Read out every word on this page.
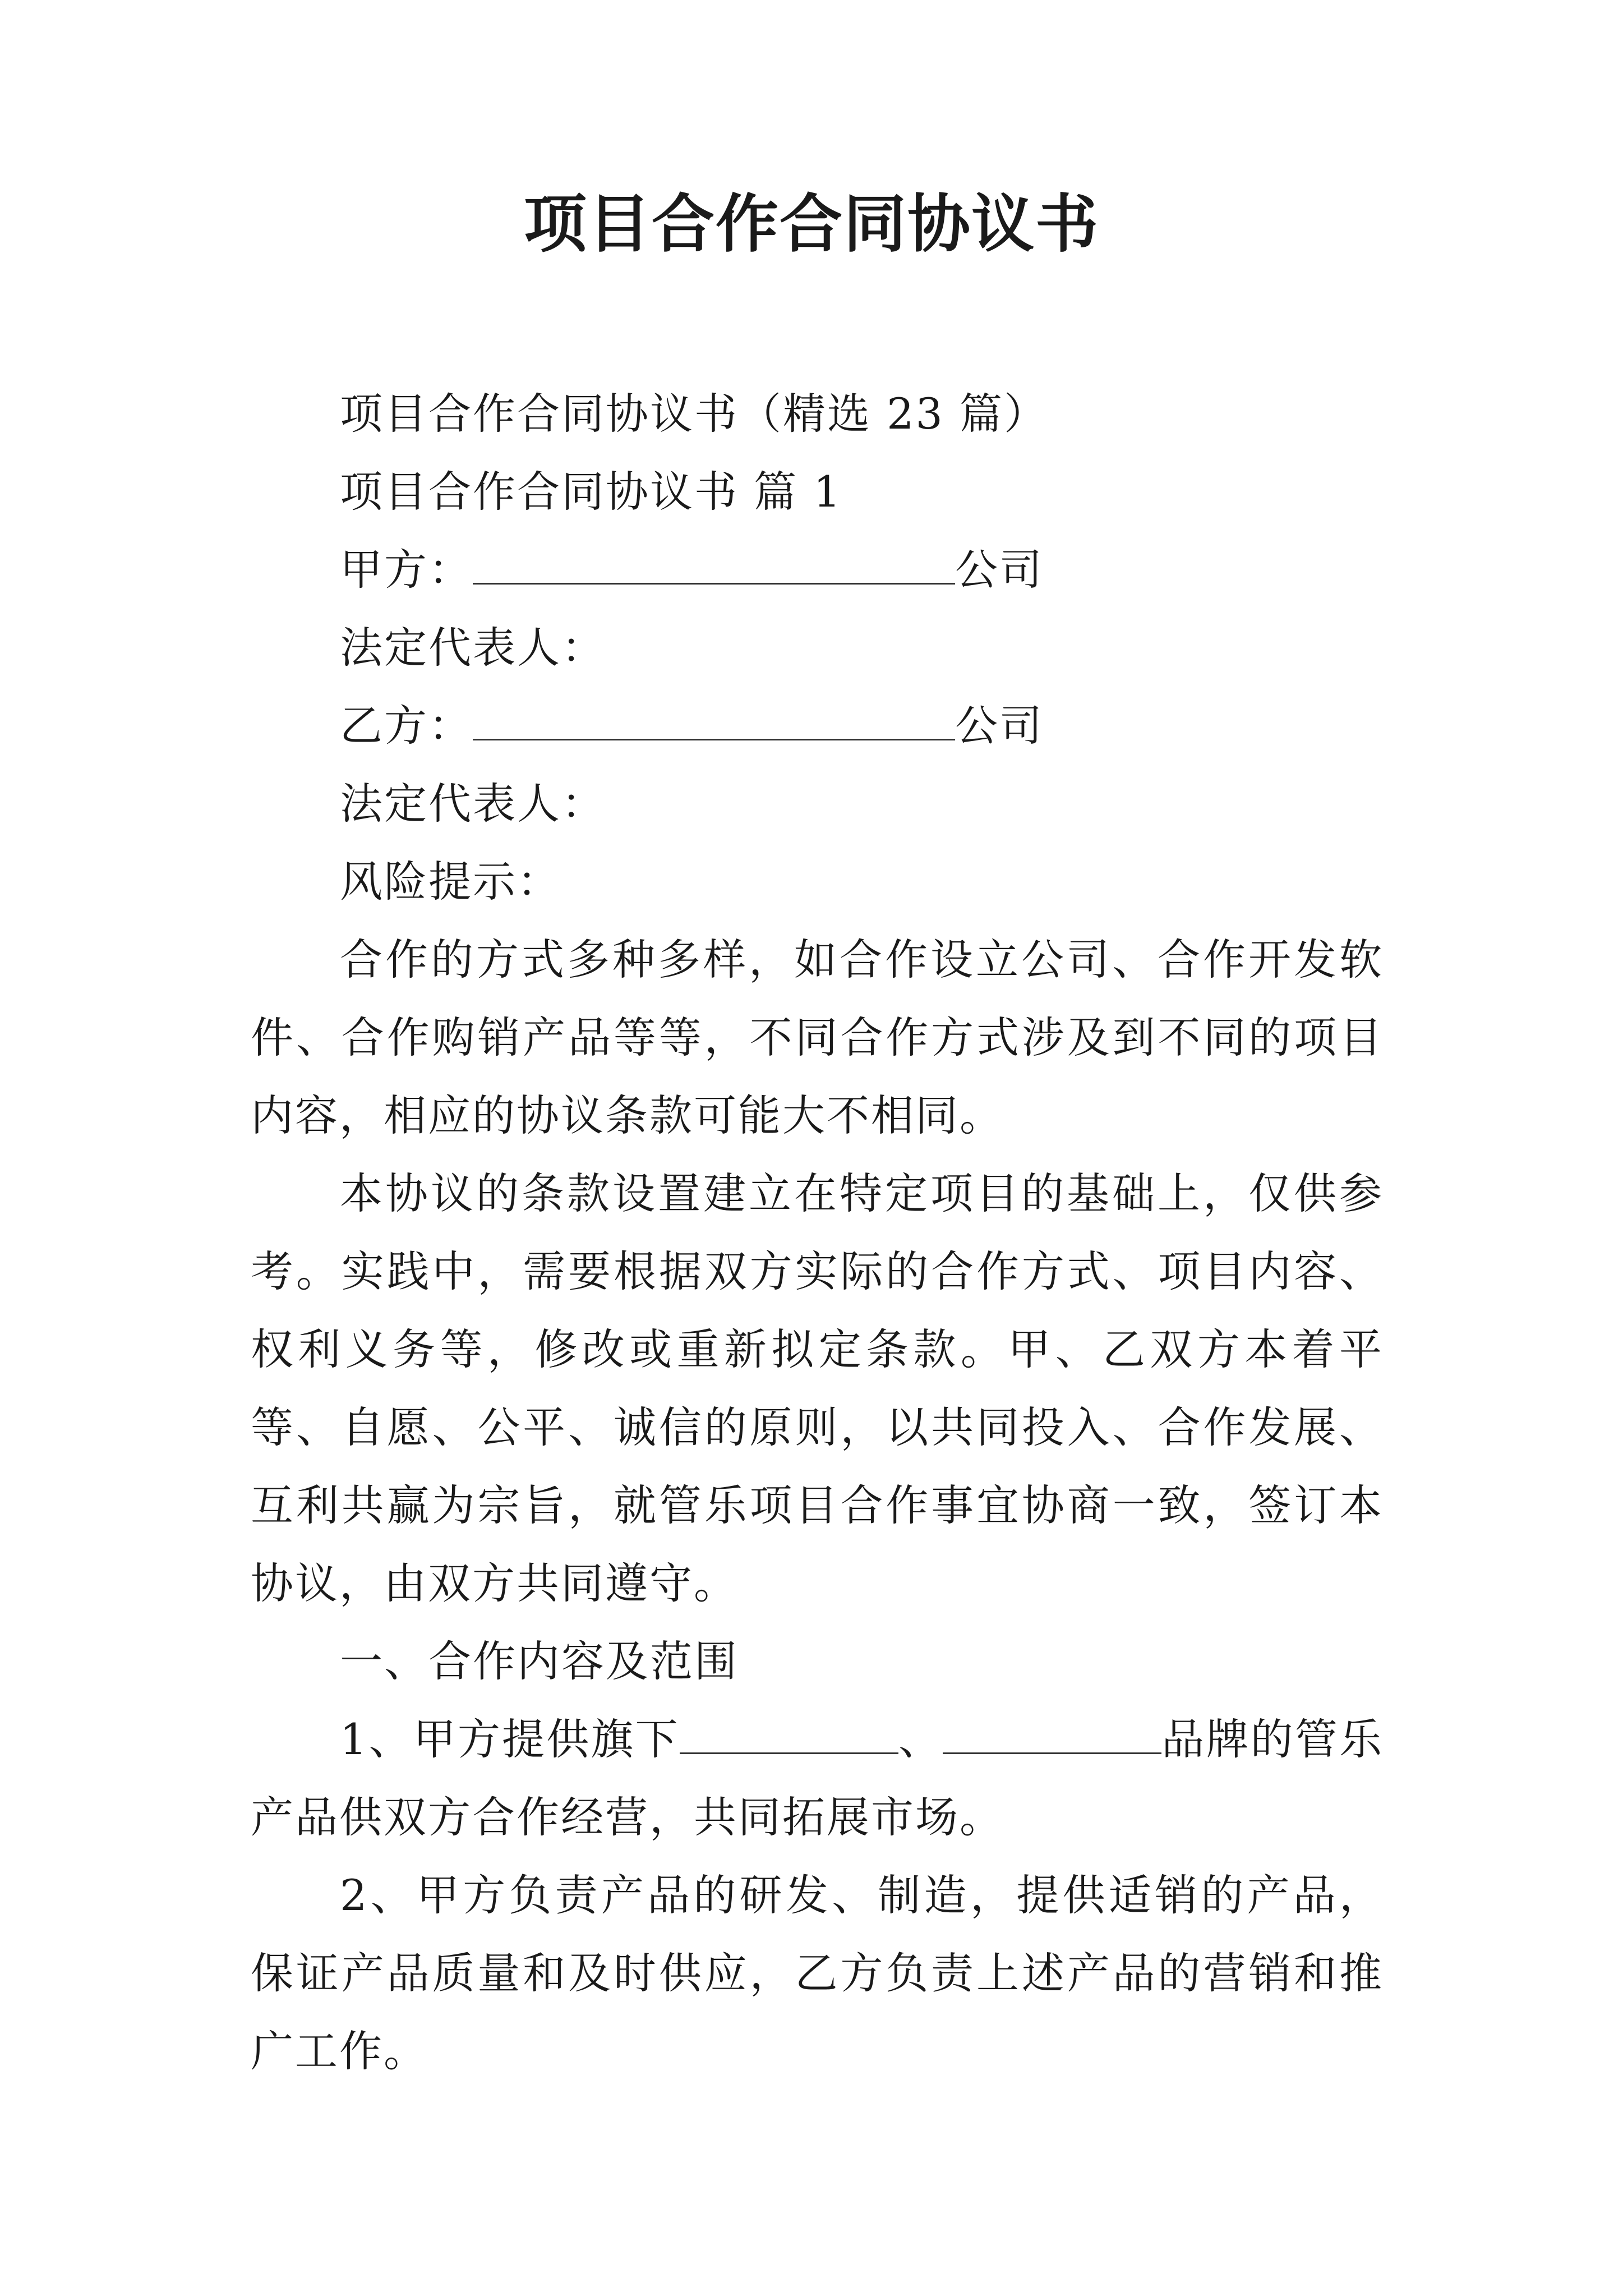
项目合作合同协议书

项目合作合同协议书（精选 23 篇）

项目合作合同协议书 篇 1

甲方：	公司

法定代表人：

乙方：	公司

法定代表人：

风险提示：

合作的方式多种多样，如合作设立公司、合作开发软件、合作购销产品等等，不同合作方式涉及到不同的项目内容，相应的协议条款可能大不相同。

本协议的条款设置建立在特定项目的基础上，仅供参考。实践中，需要根据双方实际的合作方式、项目内容、权利义务等，修改或重新拟定条款。甲、乙双方本着平等、自愿、公平、诚信的原则，以共同投入、合作发展、互利共赢为宗旨，就管乐项目合作事宜协商一致，签订本协议，由双方共同遵守。

一、合作内容及范围

1、甲方提供旗下	、	品牌的管乐产品供双方合作经营，共同拓展市场。

2、甲方负责产品的研发、制造，提供适销的产品，保证产品质量和及时供应，乙方负责上述产品的营销和推广工作。
